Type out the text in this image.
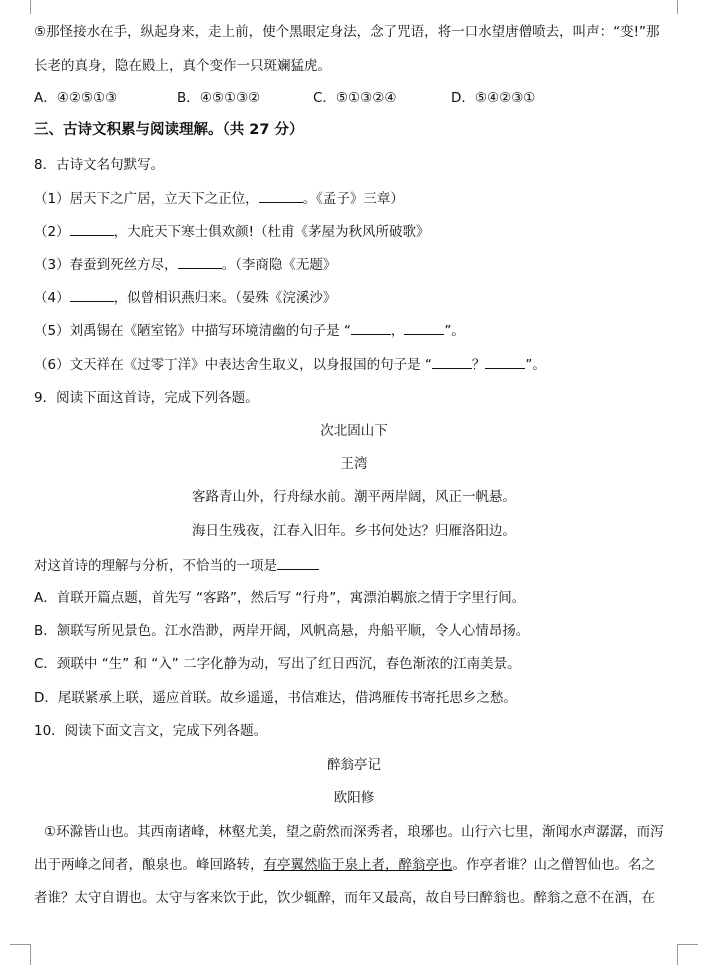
⑤那怪接水在手，纵起身来，走上前，使个黑眼定身法，念了咒语，将一口水望唐僧喷去，叫声：“变!”那
长老的真身，隐在殿上，真个变作一只斑斓猛虎。
A．④②⑤①③	B．④⑤①③②	C．⑤①③②④	D．⑤④②③①
三、古诗文积累与阅读理解。（共 27 分）
8．古诗文名句默写。
（1）居天下之广居，立天下之正位，	。《孟子》三章）
（2）	，大庇天下寒士俱欢颜!（杜甫《茅屋为秋风所破歌》
（3）春蚕到死丝方尽，	。（李商隐《无题》
（4）	，似曾相识燕归来。（晏殊《浣溪沙》
（5）刘禹锡在《陋室铭》中描写环境清幽的句子是 “	，	”。
（6）文天祥在《过零丁洋》中表达舍生取义，以身报国的句子是 “	？	”。
9．阅读下面这首诗，完成下列各题。
次北固山下
王湾
客路青山外，行舟绿水前。潮平两岸阔，风正一帆悬。
海日生残夜，江春入旧年。乡书何处达？归雁洛阳边。
对这首诗的理解与分析，不恰当的一项是
A．首联开篇点题，首先写 “客路”，然后写 “行舟”，寓漂泊羁旅之情于字里行间。
B．颔联写所见景色。江水浩渺，两岸开阔，风帆高悬，舟船平顺，令人心情昂扬。
C．颈联中 “生” 和 “入” 二字化静为动，写出了红日西沉，春色渐浓的江南美景。
D．尾联紧承上联，遥应首联。故乡遥遥，书信难达，借鸿雁传书寄托思乡之愁。
10．阅读下面文言文，完成下列各题。
醉翁亭记
欧阳修
①环滁皆山也。其西南诸峰，林壑尤美，望之蔚然而深秀者，琅琊也。山行六七里，渐闻水声潺潺，而泻
出于两峰之间者，酿泉也。峰回路转，有亭翼然临于泉上者，醉翁亭也。作亭者谁？山之僧智仙也。名之
者谁？太守自谓也。太守与客来饮于此，饮少辄醉，而年又最高，故自号曰醉翁也。醉翁之意不在酒，在
